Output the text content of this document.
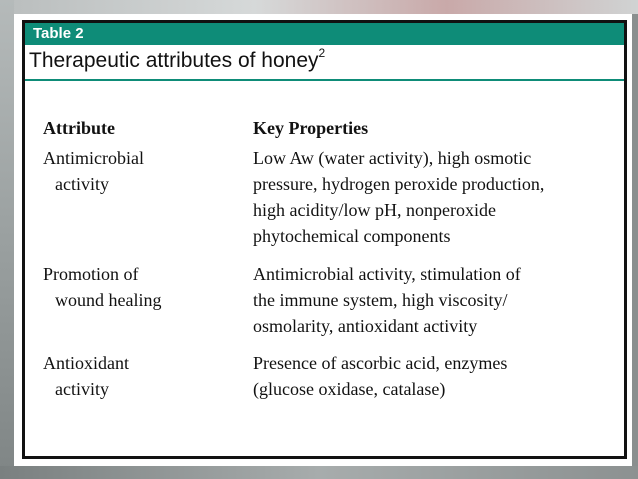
Table 2
Therapeutic attributes of honey$^2$
Attribute	Key Properties
Antimicrobial
activity
Low Aw (water activity), high osmotic
pressure, hydrogen peroxide production,
high acidity/low pH, nonperoxide
phytochemical components
Promotion of
wound healing
Antimicrobial activity, stimulation of
the immune system, high viscosity/
osmolarity, antioxidant activity
Antioxidant
activity
Presence of ascorbic acid, enzymes
(glucose oxidase, catalase)
